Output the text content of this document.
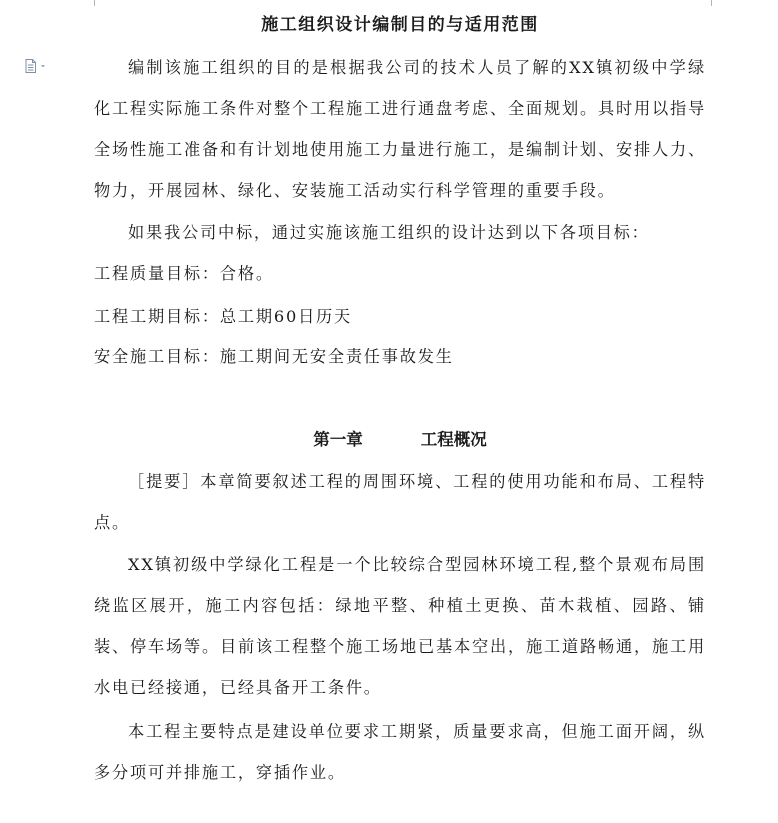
施工组织设计编制目的与适用范围

编制该施工组织的目的是根据我公司的技术人员了解的XX镇初级中学绿化工程实际施工条件对整个工程施工进行通盘考虑、全面规划。具时用以指导全场性施工准备和有计划地使用施工力量进行施工，是编制计划、安排人力、物力，开展园林、绿化、安装施工活动实行科学管理的重要手段。

如果我公司中标，通过实施该施工组织的设计达到以下各项目标：

工程质量目标：合格。

工程工期目标：总工期60日历天

安全施工目标：施工期间无安全责任事故发生

第一章	工程概况

［提要］本章简要叙述工程的周围环境、工程的使用功能和布局、工程特点。

XX镇初级中学绿化工程是一个比较综合型园林环境工程,整个景观布局围绕监区展开，施工内容包括：绿地平整、种植土更换、苗木栽植、园路、铺装、停车场等。目前该工程整个施工场地已基本空出，施工道路畅通，施工用水电已经接通，已经具备开工条件。

本工程主要特点是建设单位要求工期紧，质量要求高，但施工面开阔，纵多分项可并排施工，穿插作业。
